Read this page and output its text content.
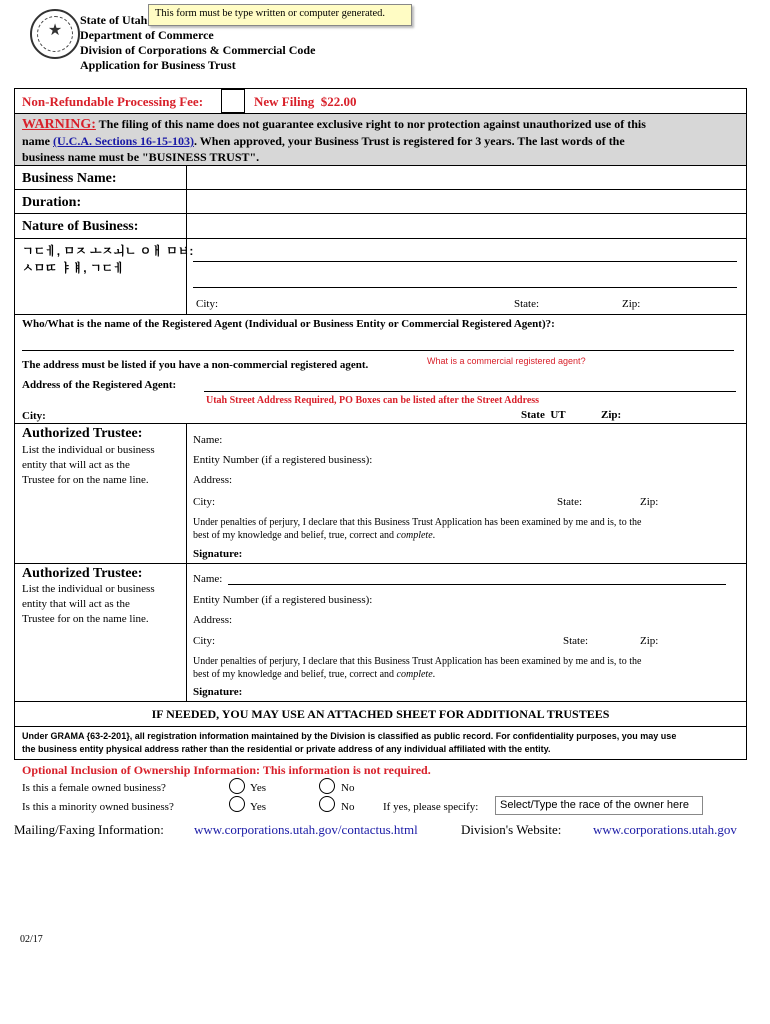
★
State of Utah
Department of Commerce
Division of Corporations & Commercial Code
Application for Business Trust
This form must be type written or computer generated.
Non-Refundable Processing Fee:	New Filing  $22.00
WARNING: The filing of this name does not guarantee exclusive right to nor protection against unauthorized use of this
name (U.C.A. Sections 16-15-103). When approved, your Business Trust is registered for 3 years. The last words of the
business name must be "BUSINESS TRUST".
Business Name:
Duration:
Nature of Business:
ㄱㄷㅔ, ㅁㅈ ㅗㅈㅚㄴ ㅇㅐ ㅁㅂ:
ㅅㅁㄸ ㅑㅒ, ㄱㄷㅔ
City:	State:	Zip:
Who/What is the name of the Registered Agent (Individual or Business Entity or Commercial Registered Agent)?:
The address must be listed if you have a non-commercial registered agent.	What is a commercial registered agent?
Address of the Registered Agent:
Utah Street Address Required, PO Boxes can be listed after the Street Address
City:	State  UT	Zip:
Authorized Trustee:
List the individual or business
entity that will act as the
Trustee for on the name line.
Name:
Entity Number (if a registered business):
Address:
City:	State:	Zip:
Under penalties of perjury, I declare that this Business Trust Application has been examined by me and is, to the
best of my knowledge and belief, true, correct and complete.
Signature:
Authorized Trustee:
List the individual or business
entity that will act as the
Trustee for on the name line.
Name:
Entity Number (if a registered business):
Address:
City:	State:	Zip:
Under penalties of perjury, I declare that this Business Trust Application has been examined by me and is, to the
best of my knowledge and belief, true, correct and complete.
Signature:
IF NEEDED, YOU MAY USE AN ATTACHED SHEET FOR ADDITIONAL TRUSTEES
Under GRAMA {63-2-201}, all registration information maintained by the Division is classified as public record. For confidentiality purposes, you may use
the business entity physical address rather than the residential or private address of any individual affiliated with the entity.
Optional Inclusion of Ownership Information: This information is not required.
Is this a female owned business?	Yes	No
Is this a minority owned business?	Yes	No	If yes, please specify:	Select/Type the race of the owner here
Mailing/Faxing Information: www.corporations.utah.gov/contactus.html	Division's Website: www.corporations.utah.gov
02/17
